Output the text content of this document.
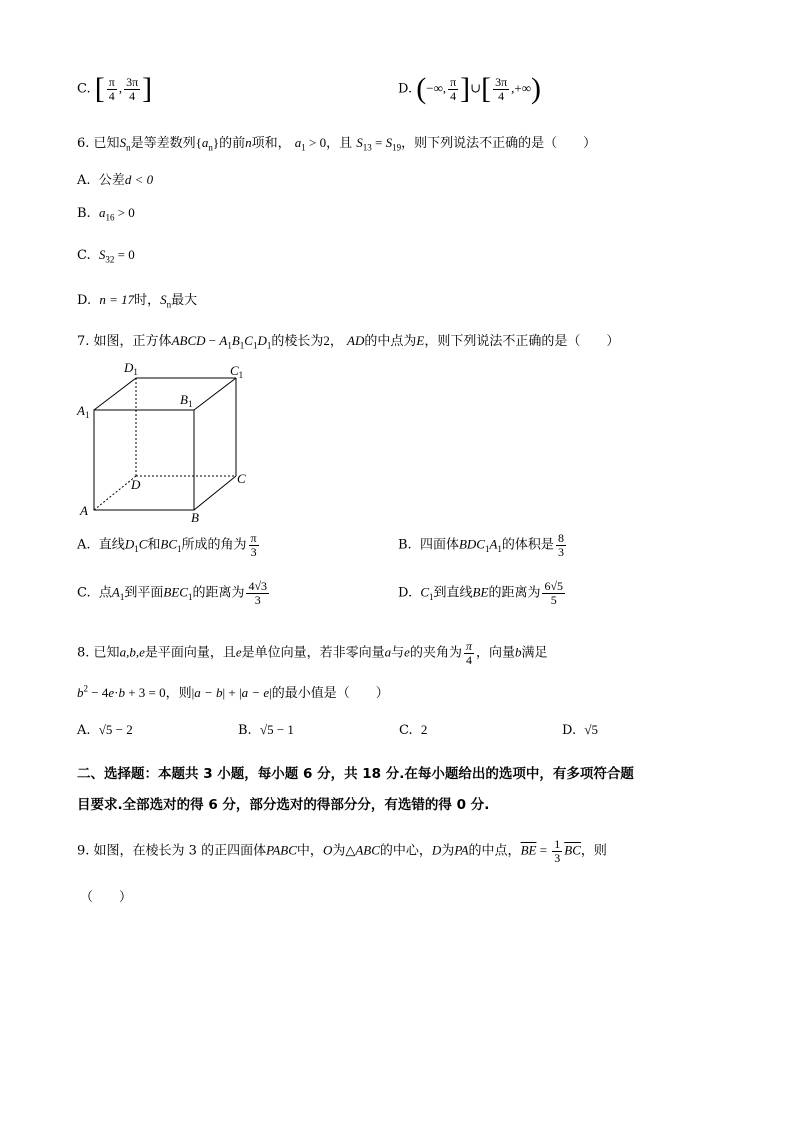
C. [ $\frac{\pi}{4}$ , $\frac{3\pi}{4}$ ]	D. (−∞, $\frac{\pi}{4}$ ]∪[ $\frac{3\pi}{4}$ ,+∞)
6. 已知$S_n$是等差数列$\{a_n\}$的前n项和， $a_1 > 0$，且 $S_{13} = S_{19}$，则下列说法不正确的是（　　）
A. 公差d < 0
B. $a_{16} > 0$
C. $S_{32} = 0$
D. n = 17时，$S_n$最大
7. 如图，正方体ABCD − $A_1B_1C_1D_1$的棱长为2， AD的中点为E，则下列说法不正确的是（　　）
$D_1$	$C_1$
$A_1$
$B_1$
D	C
A	B
A. 直线$D_1C$和$BC_1$所成的角为 $\frac{\pi}{3}$	B. 四面体$BDC_1A_1$的体积是 $\frac{8}{3}$
C. 点$A_1$到平面$BEC_1$的距离为 $\frac{4√3}{3}$	D. $C_1$到直线BE的距离为 $\frac{6√5}{5}$
8. 已知a,b,e是平面向量，且e是单位向量，若非零向量a与e的夹角为 $\frac{\pi}{4}$ ，向量b满足
$b^2 - 4e\cdot b + 3 = 0$，则|a − b| + |a − e|的最小值是（　　）
A. √5 − 2	B. √5 − 1	C. 2	D. √5
二、选择题：本题共 3 小题，每小题 6 分，共 18 分.在每小题给出的选项中，有多项符合题
目要求.全部选对的得 6 分，部分选对的得部分分，有选错的得 0 分.
9. 如图，在棱长为 3 的正四面体PABC中，O为△ABC的中心，D为PA的中点，$\overline{BE} = \frac{1}{3} \overline{BC}$，则
（　　）
